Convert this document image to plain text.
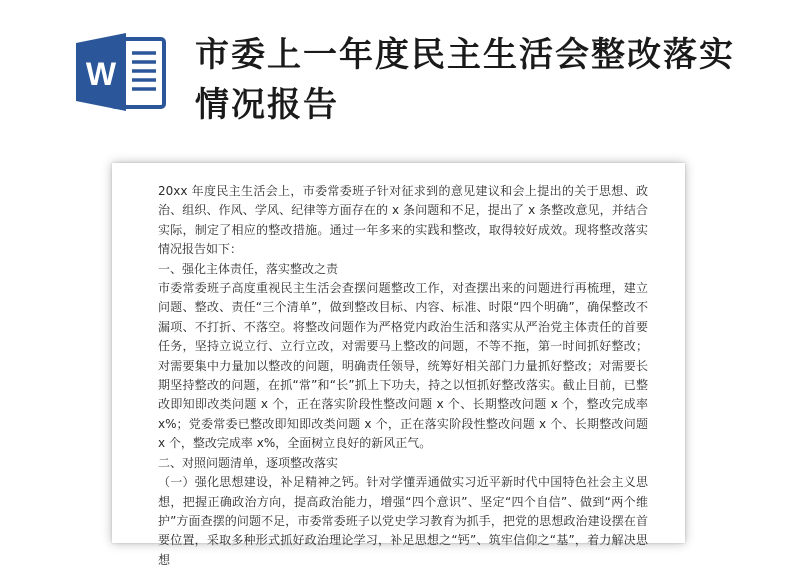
W 市委上一年度民主生活会整改落实情况报告

20xx 年度民主生活会上，市委常委班子针对征求到的意见建议和会上提出的关于思想、政治、组织、作风、学风、纪律等方面存在的 x 条问题和不足，提出了 x 条整改意见，并结合实际，制定了相应的整改措施。通过一年多来的实践和整改，取得较好成效。现将整改落实情况报告如下：

一、强化主体责任，落实整改之责

市委常委班子高度重视民主生活会查摆问题整改工作，对查摆出来的问题进行再梳理，建立问题、整改、责任“三个清单”，做到整改目标、内容、标准、时限“四个明确”，确保整改不漏项、不打折、不落空。将整改问题作为严格党内政治生活和落实从严治党主体责任的首要任务，坚持立说立行、立行立改，对需要马上整改的问题，不等不拖，第一时间抓好整改；对需要集中力量加以整改的问题，明确责任领导，统筹好相关部门力量抓好整改；对需要长期坚持整改的问题，在抓“常”和“长”抓上下功夫，持之以恒抓好整改落实。截止目前，已整改即知即改类问题 x 个，正在落实阶段性整改问题 x 个、长期整改问题 x 个，整改完成率 x%；党委常委已整改即知即改类问题 x 个，正在落实阶段性整改问题 x 个、长期整改问题 x 个，整改完成率 x%，全面树立良好的新风正气。

二、对照问题清单，逐项整改落实

（一）强化思想建设，补足精神之钙。针对学懂弄通做实习近平新时代中国特色社会主义思想，把握正确政治方向，提高政治能力，增强“四个意识”、坚定“四个自信”、做到“两个维护”方面查摆的问题不足，市委常委班子以党史学习教育为抓手，把党的思想政治建设摆在首要位置，采取多种形式抓好政治理论学习，补足思想之“钙”、筑牢信仰之“基”，着力解决思想
